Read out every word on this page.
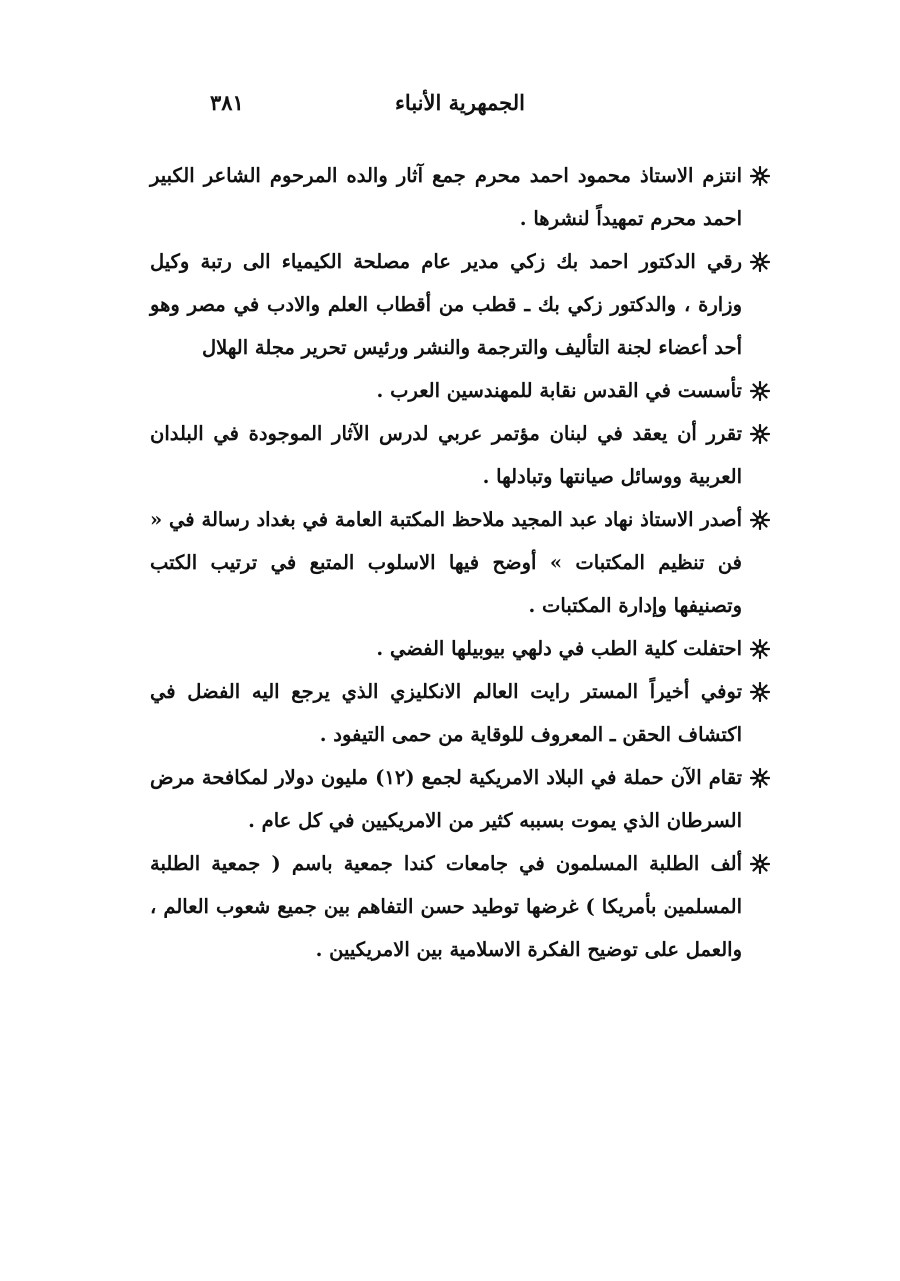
الجمهرية الأنباء
٣٨١
انتزم الاستاذ محمود احمد محرم جمع آثار والده المرحوم الشاعر الكبير احمد محرم تمهيداً لنشرها .
رقي الدكتور احمد بك زكي مدير عام مصلحة الكيمياء الى رتبة وكيل وزارة ، والدكتور زكي بك ـ قطب من أقطاب العلم والادب في مصر وهو أحد أعضاء لجنة التأليف والترجمة والنشر ورئيس تحرير مجلة الهلال
تأسست في القدس نقابة للمهندسين العرب .
تقرر أن يعقد في لبنان مؤتمر عربي لدرس الآثار الموجودة في البلدان العربية ووسائل صيانتها وتبادلها .
أصدر الاستاذ نهاد عبد المجيد ملاحظ المكتبة العامة في بغداد رسالة في « فن تنظيم المكتبات » أوضح فيها الاسلوب المتبع في ترتيب الكتب وتصنيفها وإدارة المكتبات .
احتفلت كلية الطب في دلهي بيوبيلها الفضي .
توفي أخيراً المستر رايت العالم الانكليزي الذي يرجع اليه الفضل في اكتشاف الحقن ـ المعروف للوقاية من حمى التيفود .
تقام الآن حملة في البلاد الامريكية لجمع (١٢) مليون دولار لمكافحة مرض السرطان الذي يموت بسببه كثير من الامريكيين في كل عام .
ألف الطلبة المسلمون في جامعات كندا جمعية باسم ( جمعية الطلبة المسلمين بأمريكا ) غرضها توطيد حسن التفاهم بين جميع شعوب العالم ، والعمل على توضيح الفكرة الاسلامية بين الامريكيين .
